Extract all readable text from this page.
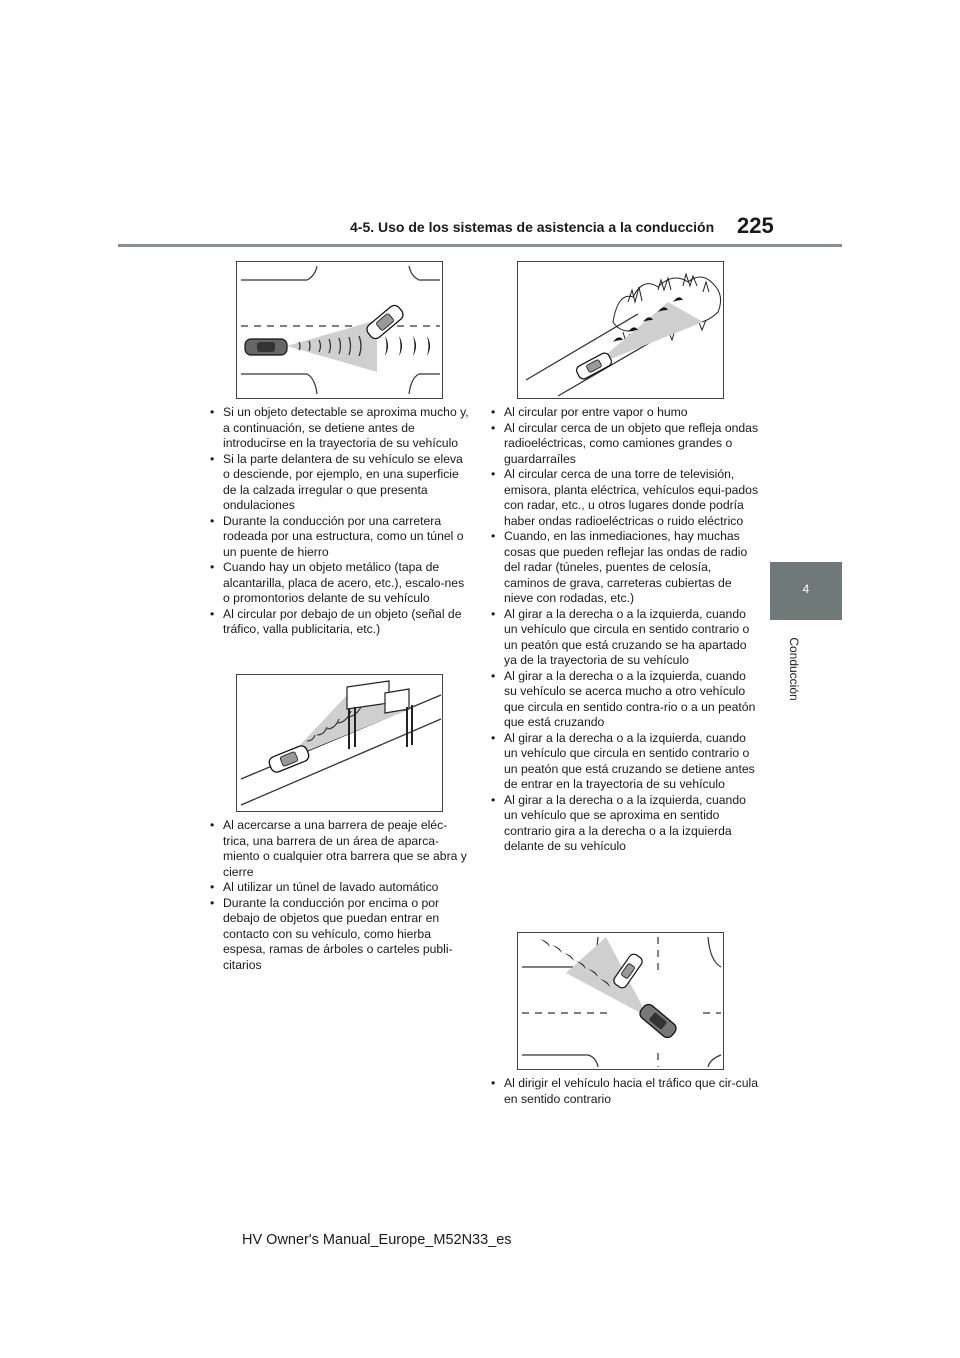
4-5. Uso de los sistemas de asistencia a la conducción 225
4
Conducción
• Si un objeto detectable se aproxima mucho y, a continuación, se detiene antes de introducirse en la trayectoria de su vehículo
• Si la parte delantera de su vehículo se eleva o desciende, por ejemplo, en una superficie de la calzada irregular o que presenta ondulaciones
• Durante la conducción por una carretera rodeada por una estructura, como un túnel o un puente de hierro
• Cuando hay un objeto metálico (tapa de alcantarilla, placa de acero, etc.), escalo-nes o promontorios delante de su vehículo
• Al circular por debajo de un objeto (señal de tráfico, valla publicitaria, etc.)
• Al acercarse a una barrera de peaje eléc-trica, una barrera de un área de aparca-miento o cualquier otra barrera que se abra y cierre
• Al utilizar un túnel de lavado automático
• Durante la conducción por encima o por debajo de objetos que puedan entrar en contacto con su vehículo, como hierba espesa, ramas de árboles o carteles publi-citarios
• Al circular por entre vapor o humo
• Al circular cerca de un objeto que refleja ondas radioeléctricas, como camiones grandes o guardarraíles
• Al circular cerca de una torre de televisión, emisora, planta eléctrica, vehículos equi-pados con radar, etc., u otros lugares donde podría haber ondas radioeléctricas o ruido eléctrico
• Cuando, en las inmediaciones, hay muchas cosas que pueden reflejar las ondas de radio del radar (túneles, puentes de celosía, caminos de grava, carreteras cubiertas de nieve con rodadas, etc.)
• Al girar a la derecha o a la izquierda, cuando un vehículo que circula en sentido contrario o un peatón que está cruzando se ha apartado ya de la trayectoria de su vehículo
• Al girar a la derecha o a la izquierda, cuando su vehículo se acerca mucho a otro vehículo que circula en sentido contra-rio o a un peatón que está cruzando
• Al girar a la derecha o a la izquierda, cuando un vehículo que circula en sentido contrario o un peatón que está cruzando se detiene antes de entrar en la trayectoria de su vehículo
• Al girar a la derecha o a la izquierda, cuando un vehículo que se aproxima en sentido contrario gira a la derecha o a la izquierda delante de su vehículo
• Al dirigir el vehículo hacia el tráfico que cir-cula en sentido contrario
HV Owner's Manual_Europe_M52N33_es
